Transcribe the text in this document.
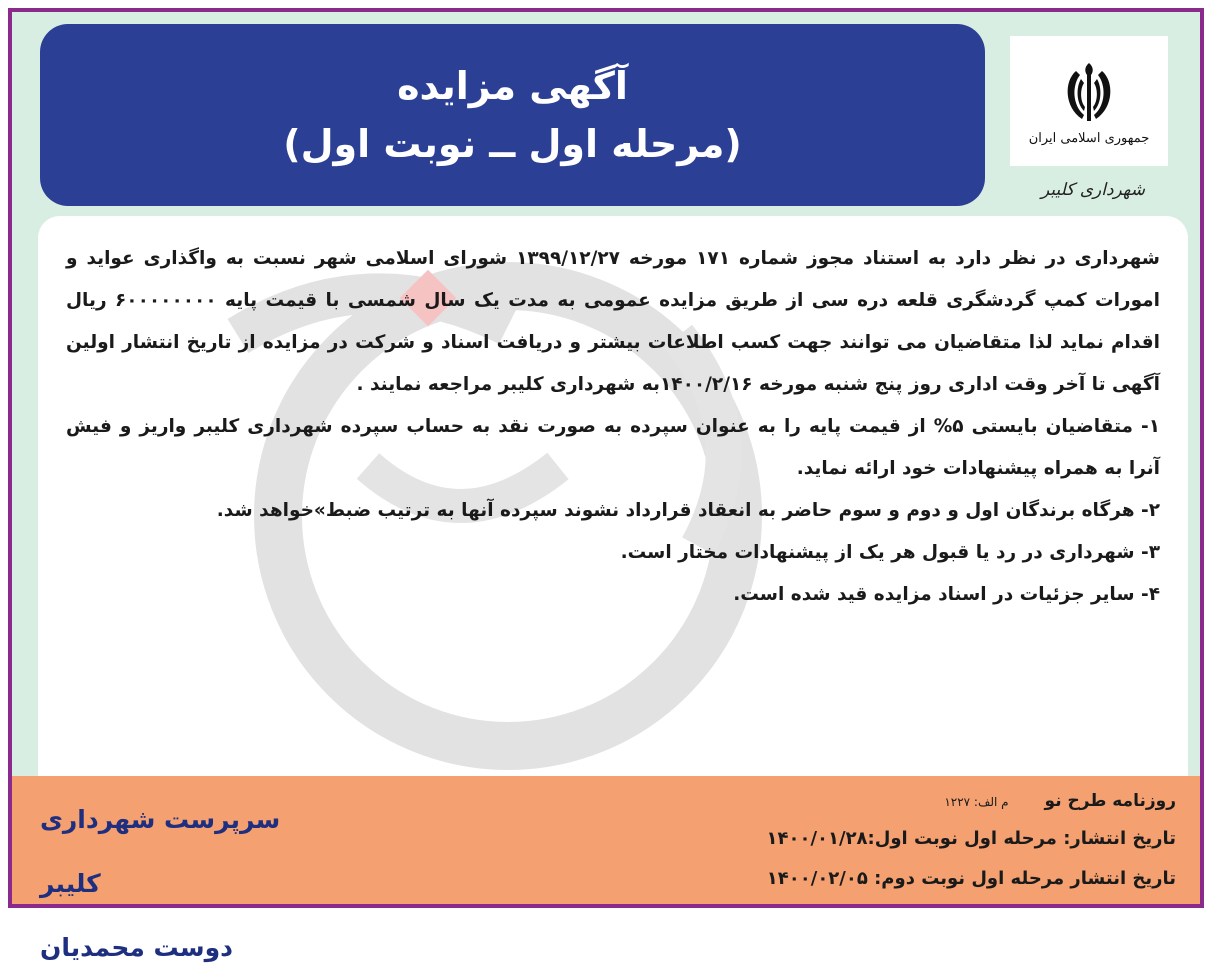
آگهی مزایده
(مرحله اول ــ نوبت اول)	جمهوری اسلامی ایران
شهرداری کلیبر

شهرداری در نظر دارد به استناد مجوز شماره ۱۷۱ مورخه ۱۳۹۹/۱۲/۲۷ شورای اسلامی شهر نسبت به واگذاری عواید و امورات کمپ گردشگری قلعه دره سی از طریق مزایده عمومی به مدت یک سال شمسی با قیمت پایه ۶۰۰۰۰۰۰۰۰ ریال اقدام نماید لذا متقاضیان می توانند جهت کسب اطلاعات بیشتر و دریافت اسناد و شرکت در مزایده از تاریخ انتشار اولین آگهی تا آخر وقت اداری روز پنج شنبه مورخه ۱۴۰۰/۲/۱۶به شهرداری کلیبر مراجعه نمایند .

۱- متقاضیان بایستی ۵% از قیمت پایه را به عنوان سپرده به صورت نقد به حساب سپرده شهرداری کلیبر واریز و فیش آنرا به همراه پیشنهادات خود ارائه نماید.

۲- هرگاه برندگان اول و دوم و سوم حاضر به انعقاد قرارداد نشوند سپرده آنها به ترتیب ضبط»خواهد شد.

۳- شهرداری در رد یا قبول هر یک از پیشنهادات مختار است.

۴- سایر جزئیات در اسناد مزایده قید شده است.

سرپرست شهرداری کلیبر
دوست محمدیان
روزنامه طرح نو م الف: ۱۲۲۷
تاریخ انتشار: مرحله اول نوبت اول:۱۴۰۰/۰۱/۲۸
تاریخ انتشار مرحله اول نوبت دوم: ۱۴۰۰/۰۲/۰۵
